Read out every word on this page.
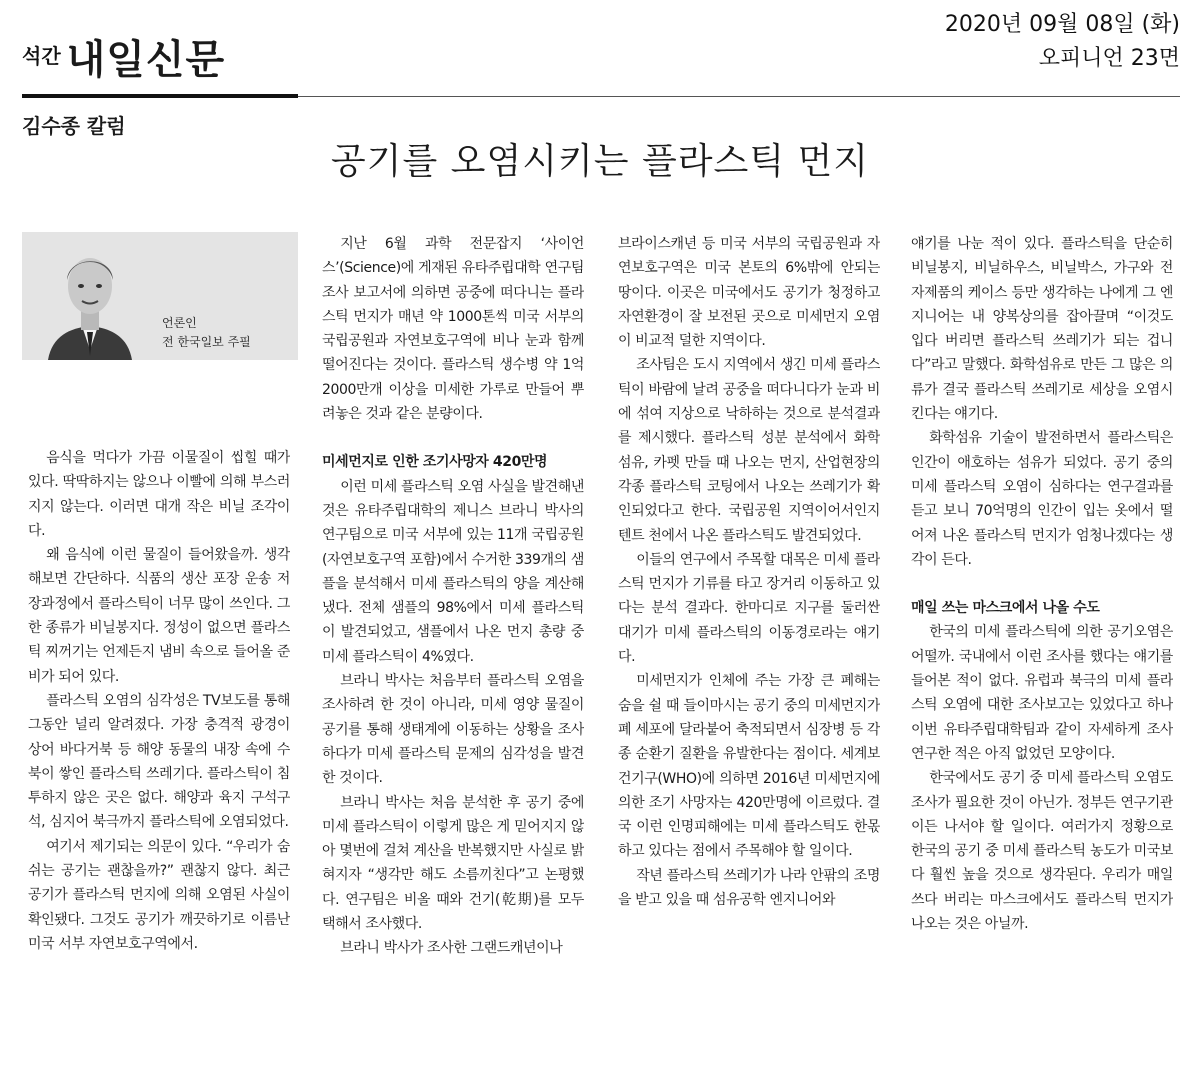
석간 내일신문
2020년 09월 08일 (화)
오피니언 23면
김수종 칼럼
공기를 오염시키는 플라스틱 먼지
언론인
전 한국일보 주필

음식을 먹다가 가끔 이물질이 씹힐 때가 있다. 딱딱하지는 않으나 이빨에 의해 부스러지지 않는다. 이러면 대개 작은 비닐 조각이다.

왜 음식에 이런 물질이 들어왔을까. 생각해보면 간단하다. 식품의 생산 포장 운송 저장과정에서 플라스틱이 너무 많이 쓰인다. 그 한 종류가 비닐봉지다. 정성이 없으면 플라스틱 찌꺼기는 언제든지 냄비 속으로 들어올 준비가 되어 있다.

플라스틱 오염의 심각성은 TV보도를 통해 그동안 널리 알려졌다. 가장 충격적 광경이 상어 바다거북 등 해양 동물의 내장 속에 수북이 쌓인 플라스틱 쓰레기다. 플라스틱이 침투하지 않은 곳은 없다. 해양과 육지 구석구석, 심지어 북극까지 플라스틱에 오염되었다.

여기서 제기되는 의문이 있다. “우리가 숨쉬는 공기는 괜찮을까?” 괜찮지 않다. 최근 공기가 플라스틱 먼지에 의해 오염된 사실이 확인됐다. 그것도 공기가 깨끗하기로 이름난 미국 서부 자연보호구역에서.

지난 6월 과학 전문잡지 ‘사이언스’(Science)에 게재된 유타주립대학 연구팀 조사 보고서에 의하면 공중에 떠다니는 플라스틱 먼지가 매년 약 1000톤씩 미국 서부의 국립공원과 자연보호구역에 비나 눈과 함께 떨어진다는 것이다. 플라스틱 생수병 약 1억2000만개 이상을 미세한 가루로 만들어 뿌려놓은 것과 같은 분량이다.

미세먼지로 인한 조기사망자 420만명

이런 미세 플라스틱 오염 사실을 발견해낸 것은 유타주립대학의 제니스 브라니 박사의 연구팀으로 미국 서부에 있는 11개 국립공원(자연보호구역 포함)에서 수거한 339개의 샘플을 분석해서 미세 플라스틱의 양을 계산해냈다. 전체 샘플의 98%에서 미세 플라스틱이 발견되었고, 샘플에서 나온 먼지 총량 중 미세 플라스틱이 4%였다.

브라니 박사는 처음부터 플라스틱 오염을 조사하려 한 것이 아니라, 미세 영양 물질이 공기를 통해 생태계에 이동하는 상황을 조사하다가 미세 플라스틱 문제의 심각성을 발견한 것이다.

브라니 박사는 처음 분석한 후 공기 중에 미세 플라스틱이 이렇게 많은 게 믿어지지 않아 몇번에 걸쳐 계산을 반복했지만 사실로 밝혀지자 “생각만 해도 소름끼친다”고 논평했다. 연구팀은 비올 때와 건기(乾期)를 모두 택해서 조사했다.

브라니 박사가 조사한 그랜드캐년이나

브라이스캐년 등 미국 서부의 국립공원과 자연보호구역은 미국 본토의 6%밖에 안되는 땅이다. 이곳은 미국에서도 공기가 청정하고 자연환경이 잘 보전된 곳으로 미세먼지 오염이 비교적 덜한 지역이다.

조사팀은 도시 지역에서 생긴 미세 플라스틱이 바람에 날려 공중을 떠다니다가 눈과 비에 섞여 지상으로 낙하하는 것으로 분석결과를 제시했다. 플라스틱 성분 분석에서 화학 섬유, 카펫 만들 때 나오는 먼지, 산업현장의 각종 플라스틱 코팅에서 나오는 쓰레기가 확인되었다고 한다. 국립공원 지역이어서인지 텐트 천에서 나온 플라스틱도 발견되었다.

이들의 연구에서 주목할 대목은 미세 플라스틱 먼지가 기류를 타고 장거리 이동하고 있다는 분석 결과다. 한마디로 지구를 둘러싼 대기가 미세 플라스틱의 이동경로라는 얘기다.

미세먼지가 인체에 주는 가장 큰 폐해는 숨을 쉴 때 들이마시는 공기 중의 미세먼지가 폐 세포에 달라붙어 축적되면서 심장병 등 각종 순환기 질환을 유발한다는 점이다. 세계보건기구(WHO)에 의하면 2016년 미세먼지에 의한 조기 사망자는 420만명에 이르렀다. 결국 이런 인명피해에는 미세 플라스틱도 한몫하고 있다는 점에서 주목해야 할 일이다.

작년 플라스틱 쓰레기가 나라 안팎의 조명을 받고 있을 때 섬유공학 엔지니어와

얘기를 나눈 적이 있다. 플라스틱을 단순히 비닐봉지, 비닐하우스, 비닐박스, 가구와 전자제품의 케이스 등만 생각하는 나에게 그 엔지니어는 내 양복상의를 잡아끌며 “이것도 입다 버리면 플라스틱 쓰레기가 되는 겁니다”라고 말했다. 화학섬유로 만든 그 많은 의류가 결국 플라스틱 쓰레기로 세상을 오염시킨다는 얘기다.

화학섬유 기술이 발전하면서 플라스틱은 인간이 애호하는 섬유가 되었다. 공기 중의 미세 플라스틱 오염이 심하다는 연구결과를 듣고 보니 70억명의 인간이 입는 옷에서 떨어져 나온 플라스틱 먼지가 엄청나겠다는 생각이 든다.

매일 쓰는 마스크에서 나올 수도

한국의 미세 플라스틱에 의한 공기오염은 어떨까. 국내에서 이런 조사를 했다는 얘기를 들어본 적이 없다. 유럽과 북극의 미세 플라스틱 오염에 대한 조사보고는 있었다고 하나 이번 유타주립대학팀과 같이 자세하게 조사연구한 적은 아직 없었던 모양이다.

한국에서도 공기 중 미세 플라스틱 오염도 조사가 필요한 것이 아닌가. 정부든 연구기관이든 나서야 할 일이다. 여러가지 정황으로 한국의 공기 중 미세 플라스틱 농도가 미국보다 훨씬 높을 것으로 생각된다. 우리가 매일 쓰다 버리는 마스크에서도 플라스틱 먼지가 나오는 것은 아닐까.
